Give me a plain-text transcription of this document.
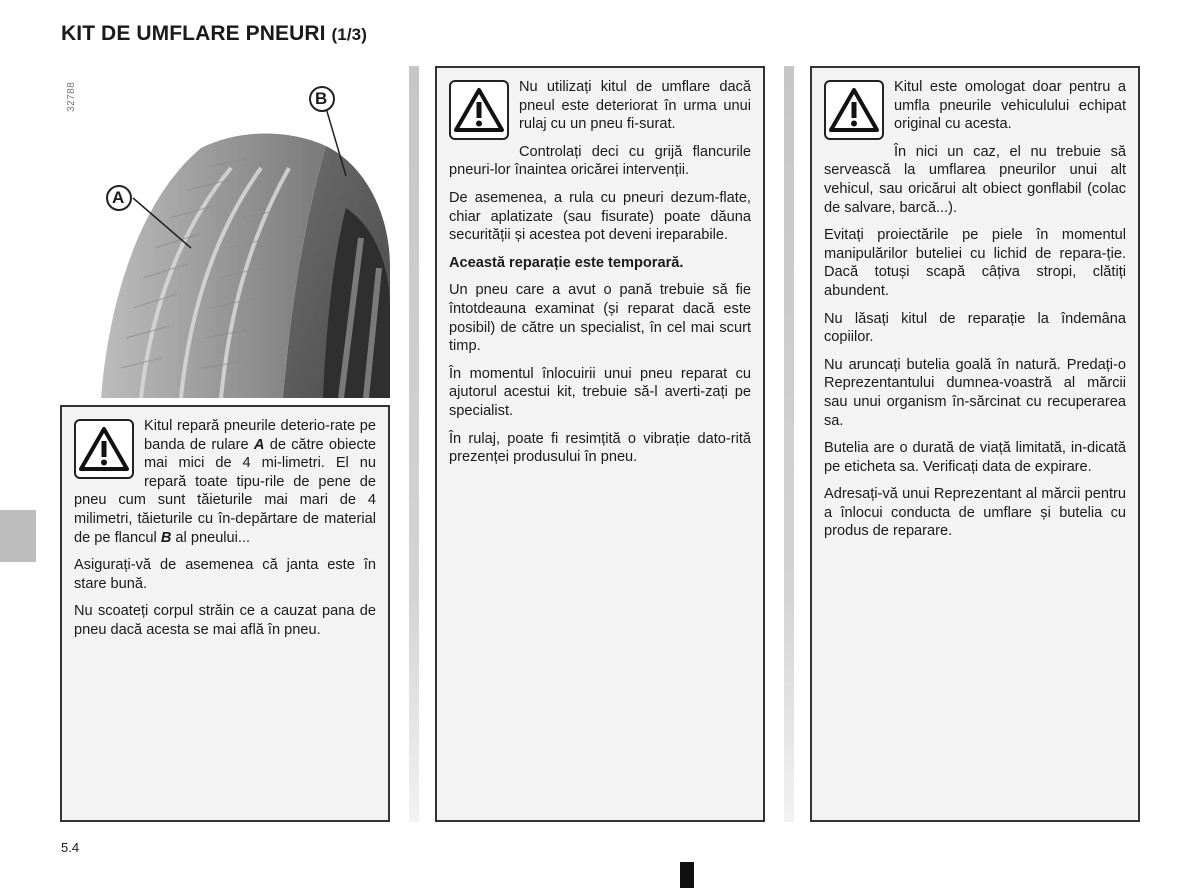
KIT DE UMFLARE PNEURI (1/3)
A
B
32788

Kitul repară pneurile deterio-rate pe banda de rulare A de către obiecte mai mici de 4 mi-limetri. El nu repară toate tipu-rile de pene de pneu cum sunt tăieturile mai mari de 4 milimetri, tăieturile cu în-depărtare de material de pe flancul B al pneului...

Asigurați-vă de asemenea că janta este în stare bună.

Nu scoateți corpul străin ce a cauzat pana de pneu dacă acesta se mai află în pneu.

Nu utilizați kitul de umflare dacă pneul este deteriorat în urma unui rulaj cu un pneu fi-surat.

Controlați deci cu grijă flancurile pneuri-lor înaintea oricărei intervenții.

De asemenea, a rula cu pneuri dezum-flate, chiar aplatizate (sau fisurate) poate dăuna securității și acestea pot deveni ireparabile.

Această reparație este temporară.

Un pneu care a avut o pană trebuie să fie întotdeauna examinat (și reparat dacă este posibil) de către un specialist, în cel mai scurt timp.

În momentul înlocuirii unui pneu reparat cu ajutorul acestui kit, trebuie să-l averti-zați pe specialist.

În rulaj, poate fi resimțită o vibrație dato-rită prezenței produsului în pneu.

Kitul este omologat doar pentru a umfla pneurile vehiculului echipat original cu acesta.

În nici un caz, el nu trebuie să servească la umflarea pneurilor unui alt vehicul, sau oricărui alt obiect gonflabil (colac de salvare, barcă...).

Evitați proiectările pe piele în momentul manipulărilor buteliei cu lichid de repara-ție. Dacă totuși scapă câțiva stropi, clătiți abundent.

Nu lăsați kitul de reparație la îndemâna copiilor.

Nu aruncați butelia goală în natură. Predați-o Reprezentantului dumnea-voastră al mărcii sau unui organism în-sărcinat cu recuperarea sa.

Butelia are o durată de viață limitată, in-dicată pe eticheta sa. Verificați data de expirare.

Adresați-vă unui Reprezentant al mărcii pentru a înlocui conducta de umflare și butelia cu produs de reparare.

5.4
